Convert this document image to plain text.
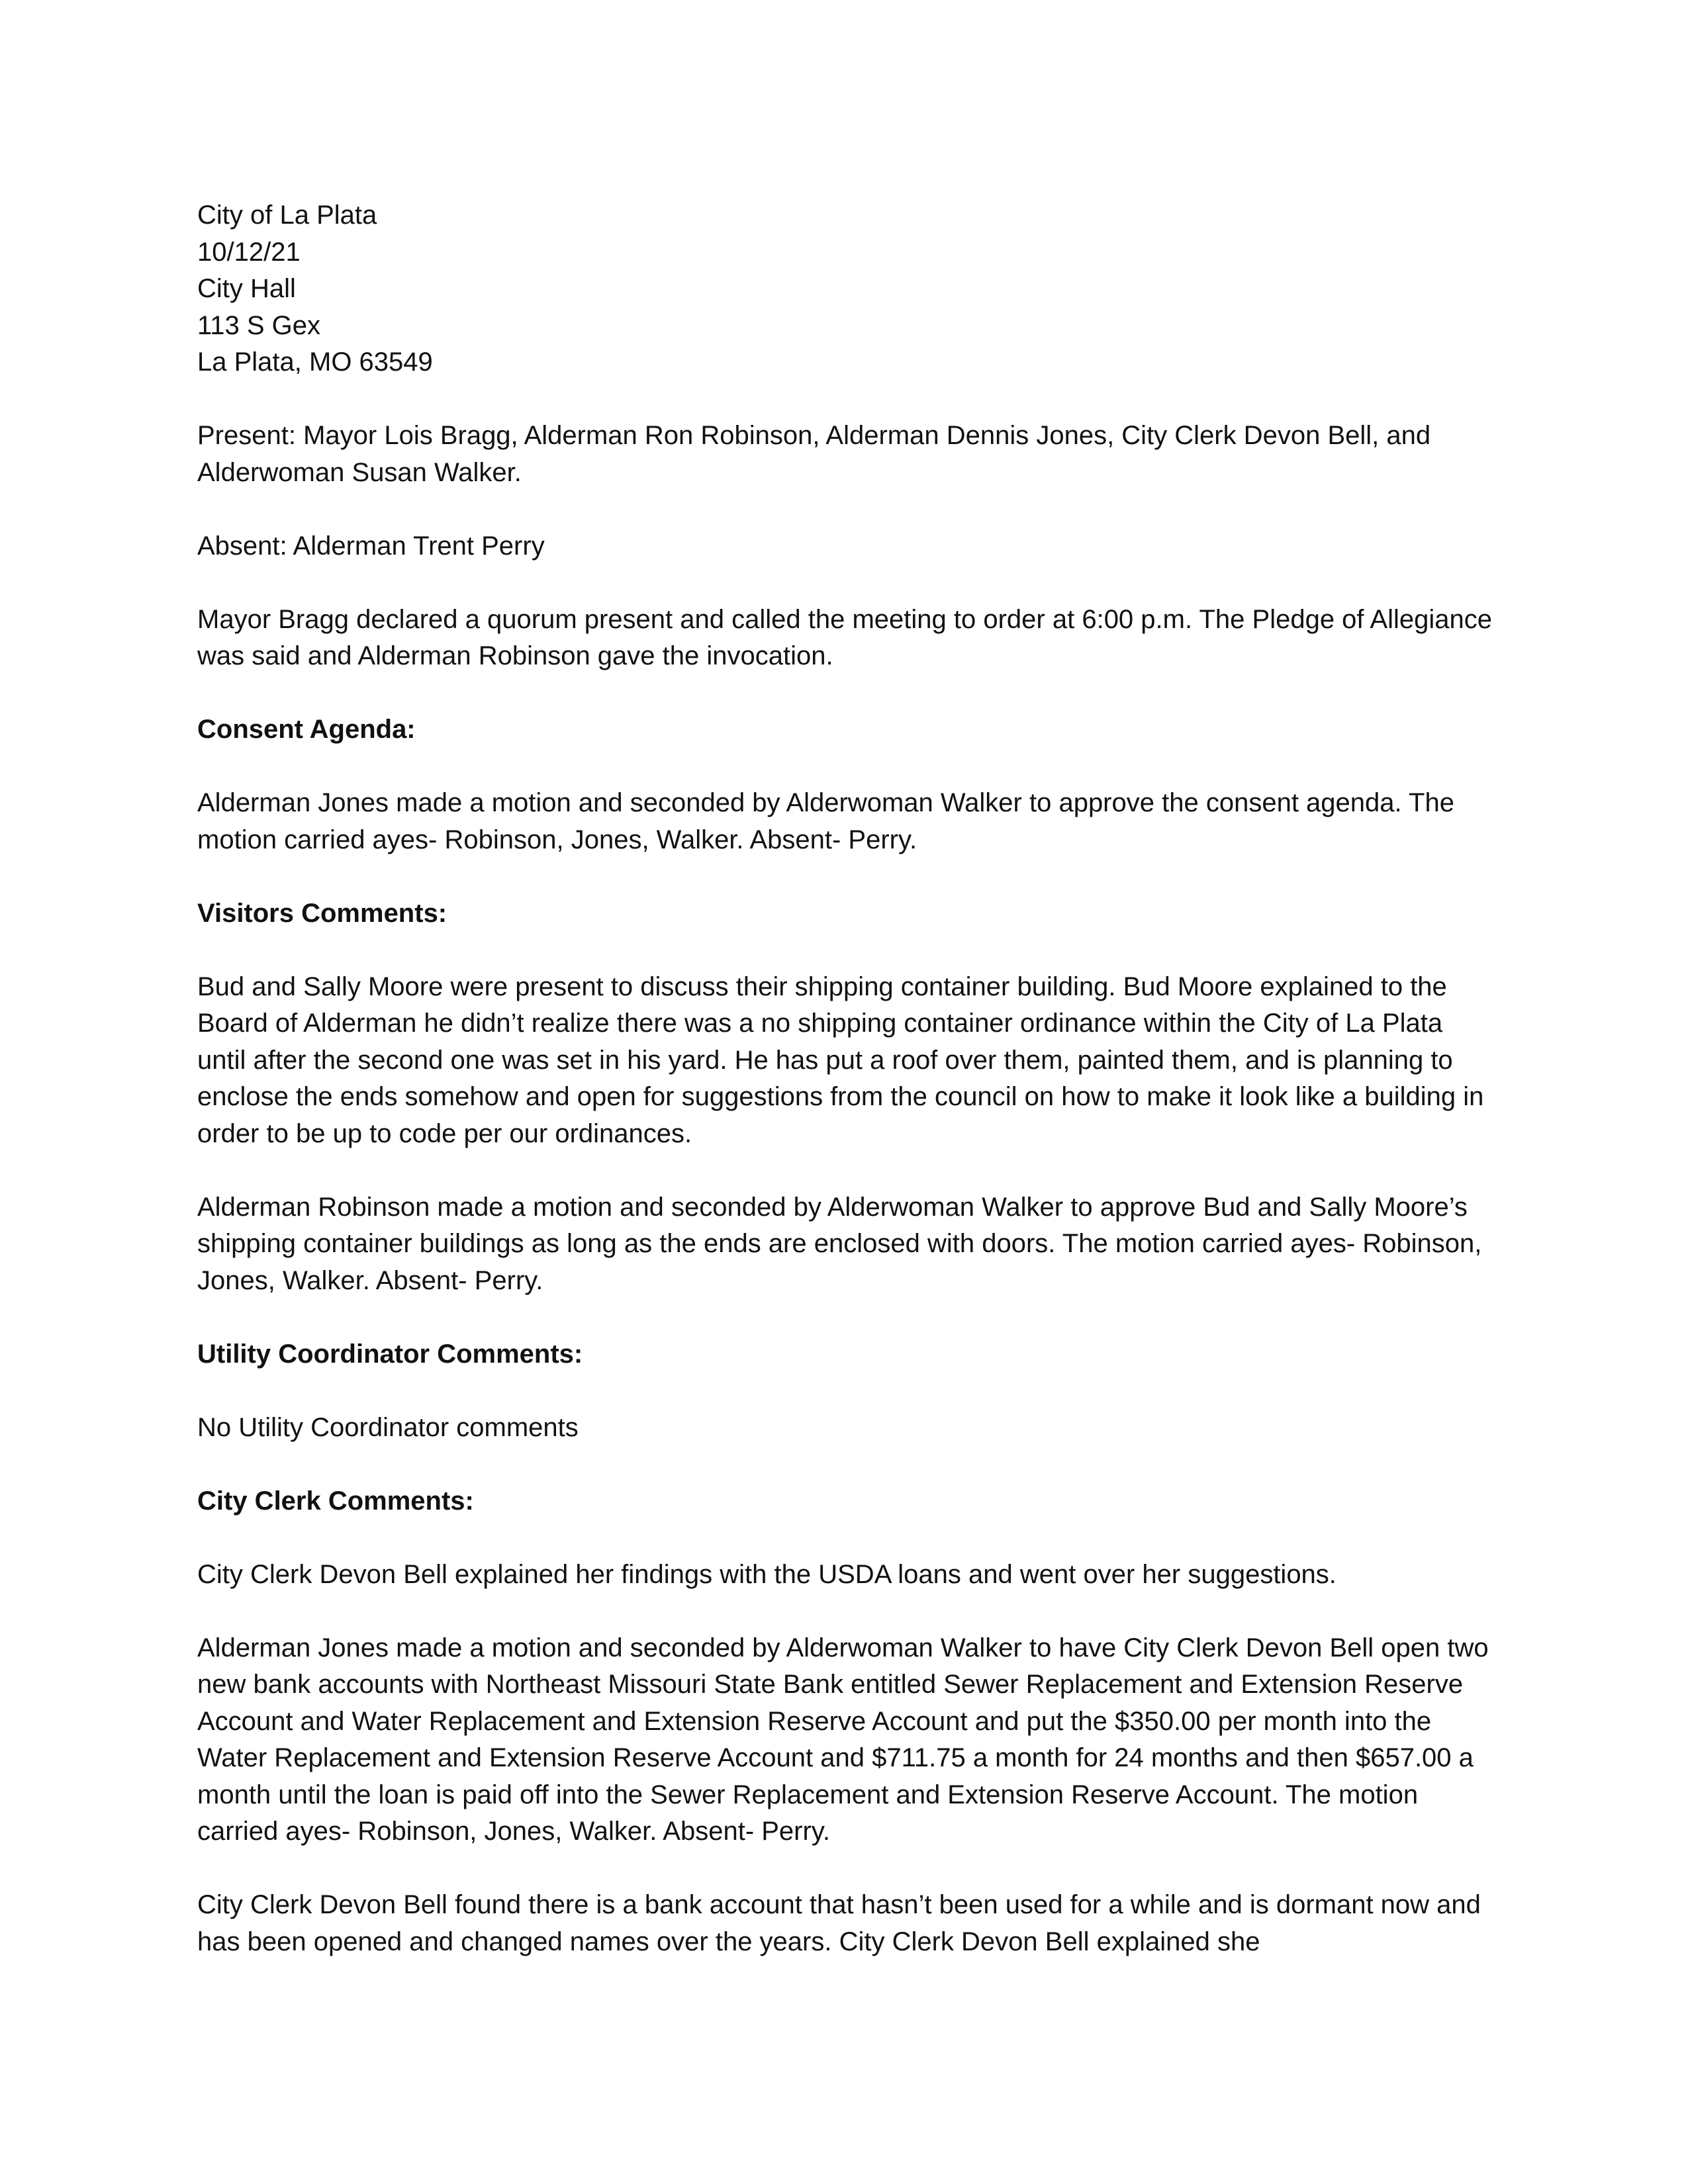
City of La Plata
10/12/21
City Hall
113 S Gex
La Plata, MO 63549
Present: Mayor Lois Bragg, Alderman Ron Robinson, Alderman Dennis Jones, City Clerk Devon Bell, and Alderwoman Susan Walker.
Absent: Alderman Trent Perry
Mayor Bragg declared a quorum present and called the meeting to order at 6:00 p.m. The Pledge of Allegiance was said and Alderman Robinson gave the invocation.
Consent Agenda:
Alderman Jones made a motion and seconded by Alderwoman Walker to approve the consent agenda. The motion carried ayes- Robinson, Jones, Walker. Absent- Perry.
Visitors Comments:
Bud and Sally Moore were present to discuss their shipping container building. Bud Moore explained to the Board of Alderman he didn’t realize there was a no shipping container ordinance within the City of La Plata until after the second one was set in his yard. He has put a roof over them, painted them, and is planning to enclose the ends somehow and open for suggestions from the council on how to make it look like a building in order to be up to code per our ordinances.
Alderman Robinson made a motion and seconded by Alderwoman Walker to approve Bud and Sally Moore’s shipping container buildings as long as the ends are enclosed with doors. The motion carried ayes- Robinson, Jones, Walker. Absent- Perry.
Utility Coordinator Comments:
No Utility Coordinator comments
City Clerk Comments:
City Clerk Devon Bell explained her findings with the USDA loans and went over her suggestions.
Alderman Jones made a motion and seconded by Alderwoman Walker to have City Clerk Devon Bell open two new bank accounts with Northeast Missouri State Bank entitled Sewer Replacement and Extension Reserve Account and Water Replacement and Extension Reserve Account and put the $350.00 per month into the Water Replacement and Extension Reserve Account and $711.75 a month for 24 months and then $657.00 a month until the loan is paid off into the Sewer Replacement and Extension Reserve Account. The motion carried ayes- Robinson, Jones, Walker. Absent- Perry.
City Clerk Devon Bell found there is a bank account that hasn’t been used for a while and is dormant now and has been opened and changed names over the years. City Clerk Devon Bell explained she
